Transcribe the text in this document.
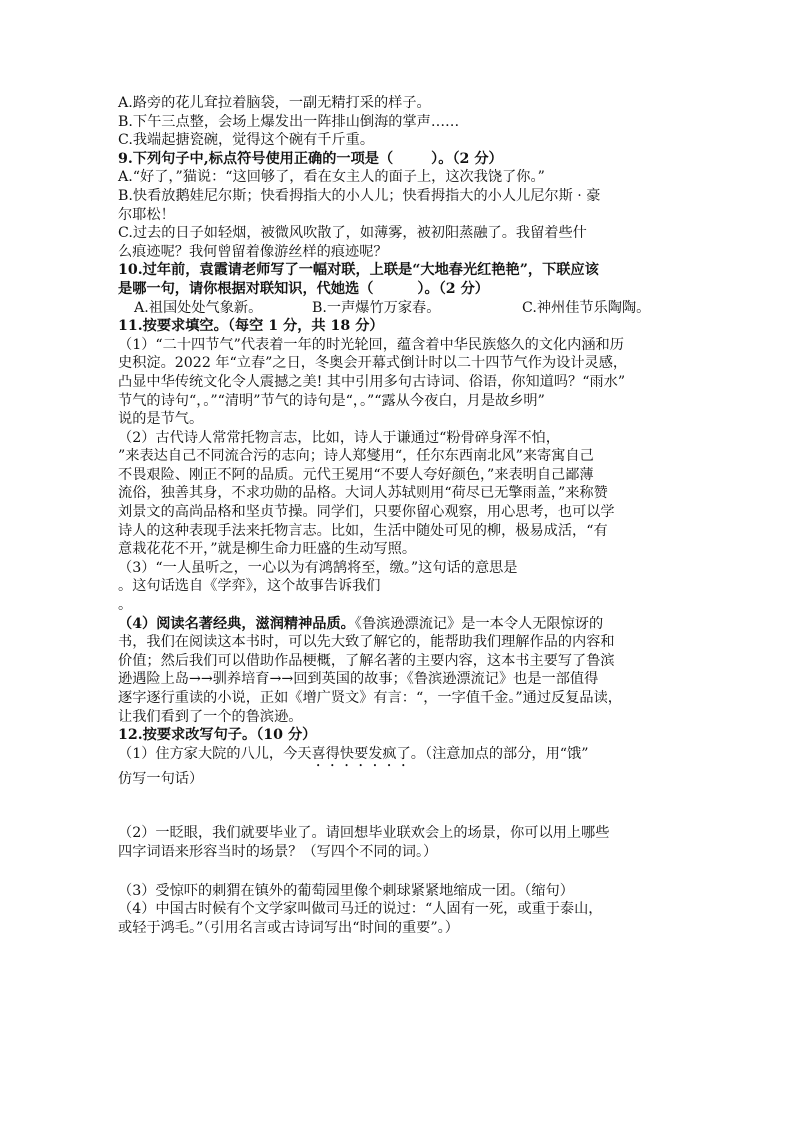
A.路旁的花儿耷拉着脑袋，一副无精打采的样子。

B.下午三点整，会场上爆发出一阵排山倒海的掌声……

C.我端起搪瓷碗，觉得这个碗有千斤重。

9.下列句子中,标点符号使用正确的一项是（	）。（2 分）

A.“好了，”猫说：“这回够了，看在女主人的面子上，这次我饶了你。”

B.快看放鹅娃尼尔斯；快看拇指大的小人儿；快看拇指大的小人儿尼尔斯 · 豪

尔耶松！

C.过去的日子如轻烟，被微风吹散了，如薄雾，被初阳蒸融了。我留着些什

么痕迹呢？我何曾留着像游丝样的痕迹呢？

10.过年前，袁霞请老师写了一幅对联，上联是“大地春光红艳艳”，下联应该

是哪一句，请你根据对联知识，代她选（	）。（2 分）

A.祖国处处气象新。	B.一声爆竹万家春。	C.神州佳节乐陶陶。

11.按要求填空。（每空 1 分，共 18 分）

（1）“二十四节气”代表着一年的时光轮回，蕴含着中华民族悠久的文化内涵和历

史积淀。2022 年“立春”之日，冬奥会开幕式倒计时以二十四节气作为设计灵感，

凸显中华传统文化令人震撼之美! 其中引用多句古诗词、俗语，你知道吗？“雨水”

节气的诗句“，。”“清明”节气的诗句是“，。”“露从今夜白，月是故乡明”

说的是节气。

（2）古代诗人常常托物言志，比如，诗人于谦通过“粉骨碎身浑不怕，

”来表达自己不同流合污的志向；诗人郑燮用“，任尔东西南北风”来寄寓自己

不畏艰险、刚正不阿的品质。元代王冕用“不要人夸好颜色，”来表明自己鄙薄

流俗，独善其身，不求功勋的品格。大词人苏轼则用“荷尽已无擎雨盖，”来称赞

刘景文的高尚品格和坚贞节操。同学们，只要你留心观察，用心思考，也可以学

诗人的这种表现手法来托物言志。比如，生活中随处可见的柳，极易成活，“有

意栽花花不开，”就是柳生命力旺盛的生动写照。

（3）“一人虽听之，一心以为有鸿鹄将至，缴。”这句话的意思是

。这句话选自《学弈》，这个故事告诉我们

。

（4）阅读名著经典，滋润精神品质。《鲁滨逊漂流记》是一本令人无限惊讶的

书，我们在阅读这本书时，可以先大致了解它的，能帮助我们理解作品的内容和

价值；然后我们可以借助作品梗概，了解名著的主要内容，这本书主要写了鲁滨

逊遇险上岛→→驯养培育→→回到英国的故事；《鲁滨逊漂流记》也是一部值得

逐字逐行重读的小说，正如《增广贤文》有言：“，一字值千金。”通过反复品读，

让我们看到了一个的鲁滨逊。

12.按要求改写句子。（10 分）

（1）住方家大院的八儿，今天喜得快要发疯了。（注意加点的部分，用“饿”

仿写一句话）

（2）一眨眼，我们就要毕业了。请回想毕业联欢会上的场景，你可以用上哪些

四字词语来形容当时的场景？（写四个不同的词。）

（3）受惊吓的刺猬在镇外的葡萄园里像个刺球紧紧地缩成一团。（缩句）

（4）中国古时候有个文学家叫做司马迁的说过：“人固有一死，或重于泰山，

或轻于鸿毛。”（引用名言或古诗词写出“时间的重要”。）
